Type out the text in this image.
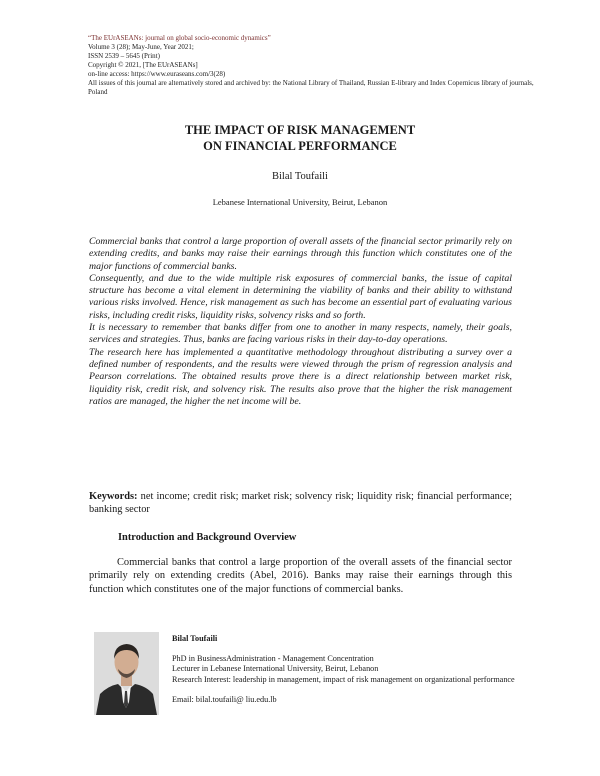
“The EUrASEANs: journal on global socio-economic dynamics”
Volume 3 (28); May-June, Year 2021;
ISSN 2539 – 5645 (Print)
Copyright © 2021, [The EUrASEANs]
on-line access: https://www.euraseans.com/3(28)
All issues of this journal are alternatively stored and archived by: the National Library of Thailand, Russian E-library and Index Copernicus library of journals, Poland
THE IMPACT OF RISK MANAGEMENT
ON FINANCIAL PERFORMANCE
Bilal Toufaili
Lebanese International University, Beirut, Lebanon

Commercial banks that control a large proportion of overall assets of the financial sector primarily rely on extending credits, and banks may raise their earnings through this function which constitutes one of the major functions of commercial banks.

Consequently, and due to the wide multiple risk exposures of commercial banks, the issue of capital structure has become a vital element in determining the viability of banks and their ability to withstand various risks involved. Hence, risk management as such has become an essential part of evaluating various risks, including credit risks, liquidity risks, solvency risks and so forth.

It is necessary to remember that banks differ from one to another in many respects, namely, their goals, services and strategies. Thus, banks are facing various risks in their day-to-day operations.

The research here has implemented a quantitative methodology throughout distributing a survey over a defined number of respondents, and the results were viewed through the prism of regression analysis and Pearson correlations. The obtained results prove there is a direct relationship between market risk, liquidity risk, credit risk, and solvency risk. The results also prove that the higher the risk management ratios are managed, the higher the net income will be.

Keywords: net income; credit risk; market risk; solvency risk; liquidity risk; financial performance; banking sector
Introduction and Background Overview
Commercial banks that control a large proportion of the overall assets of the financial sector primarily rely on extending credits (Abel, 2016). Banks may raise their earnings through this function which constitutes one of the major functions of commercial banks.
Bilal Toufaili
PhD in BusinessAdministration - Management Concentration
Lecturer in Lebanese International University, Beirut, Lebanon
Research Interest: leadership in management, impact of risk management on organizational performance
Email: bilal.toufaili@ liu.edu.lb
